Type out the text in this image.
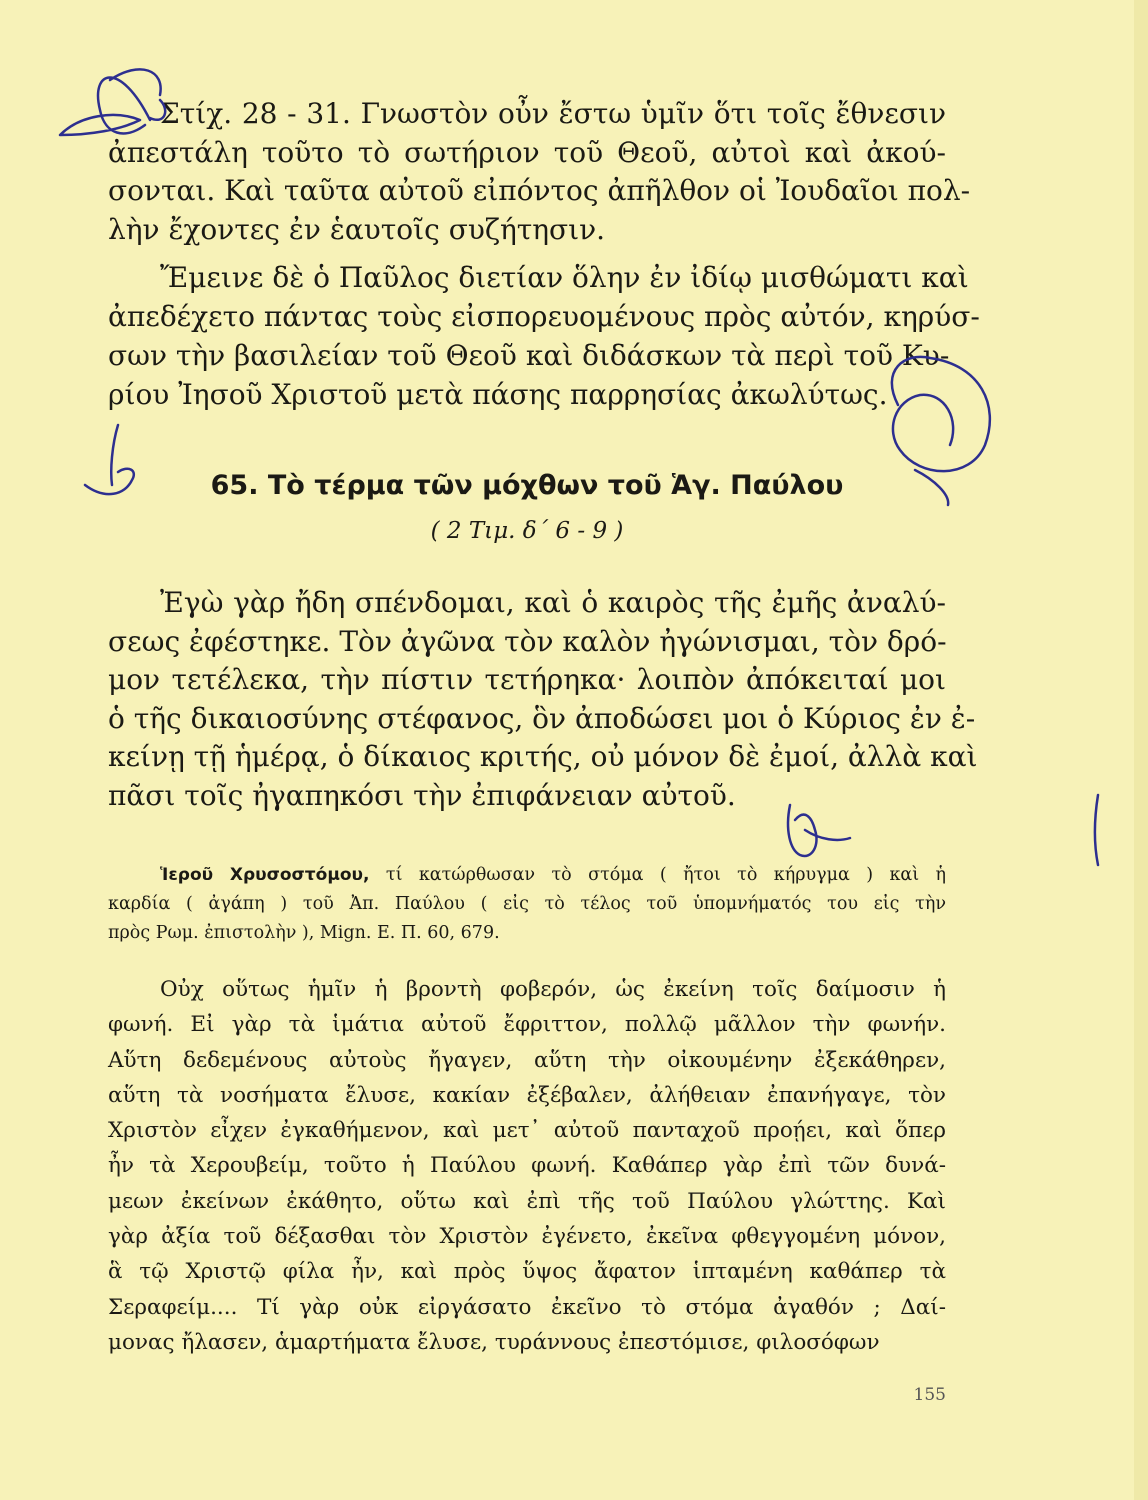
Στίχ. 28 - 31. Γνωστὸν οὖν ἔστω ὑμῖν ὅτι τοῖς ἔθνεσιν
ἀπεστάλη τοῦτο τὸ σωτήριον τοῦ Θεοῦ, αὐτοὶ καὶ ἀκού-
σονται. Καὶ ταῦτα αὐτοῦ εἰπόντος ἀπῆλθον οἱ Ἰουδαῖοι πολ-
λὴν ἔχοντες ἐν ἑαυτοῖς συζήτησιν.
Ἔμεινε δὲ ὁ Παῦλος διετίαν ὅλην ἐν ἰδίῳ μισθώματι καὶ
ἀπεδέχετο πάντας τοὺς εἰσπορευομένους πρὸς αὐτόν, κηρύσ-
σων τὴν βασιλείαν τοῦ Θεοῦ καὶ διδάσκων τὰ περὶ τοῦ Κυ-
ρίου Ἰησοῦ Χριστοῦ μετὰ πάσης παρρησίας ἀκωλύτως.
65. Τὸ τέρμα τῶν μόχθων τοῦ Ἁγ. Παύλου
( 2 Τιμ. δ΄ 6 - 9 )
Ἐγὼ γὰρ ἤδη σπένδομαι, καὶ ὁ καιρὸς τῆς ἐμῆς ἀναλύ-
σεως ἐφέστηκε. Τὸν ἀγῶνα τὸν καλὸν ἠγώνισμαι, τὸν δρό-
μον τετέλεκα, τὴν πίστιν τετήρηκα· λοιπὸν ἀπόκειταί μοι
ὁ τῆς δικαιοσύνης στέφανος, ὃν ἀποδώσει μοι ὁ Κύριος ἐν ἐ-
κείνῃ τῇ ἡμέρᾳ, ὁ δίκαιος κριτής, οὐ μόνον δὲ ἐμοί, ἀλλὰ καὶ
πᾶσι τοῖς ἠγαπηκόσι τὴν ἐπιφάνειαν αὐτοῦ.
Ἱεροῦ Χρυσοστόμου, τί κατώρθωσαν τὸ στόμα ( ἤτοι τὸ κήρυγμα ) καὶ ἡ
καρδία ( ἀγάπη ) τοῦ Ἀπ. Παύλου ( εἰς τὸ τέλος τοῦ ὑπομνήματός του εἰς τὴν
πρὸς Ρωμ. ἐπιστολὴν ), Mign. Ε. Π. 60, 679.
Οὐχ οὕτως ἡμῖν ἡ βροντὴ φοβερόν, ὡς ἐκείνη τοῖς δαίμοσιν ἡ
φωνή. Εἰ γὰρ τὰ ἱμάτια αὐτοῦ ἔφριττον, πολλῷ μᾶλλον τὴν φωνήν.
Αὕτη δεδεμένους αὐτοὺς ἤγαγεν, αὕτη τὴν οἰκουμένην ἐξεκάθηρεν,
αὕτη τὰ νοσήματα ἔλυσε, κακίαν ἐξέβαλεν, ἀλήθειαν ἐπανήγαγε, τὸν
Χριστὸν εἶχεν ἐγκαθήμενον, καὶ μετ᾽ αὐτοῦ πανταχοῦ προῄει, καὶ ὅπερ
ἦν τὰ Χερουβείμ, τοῦτο ἡ Παύλου φωνή. Καθάπερ γὰρ ἐπὶ τῶν δυνά-
μεων ἐκείνων ἐκάθητο, οὕτω καὶ ἐπὶ τῆς τοῦ Παύλου γλώττης. Καὶ
γὰρ ἀξία τοῦ δέξασθαι τὸν Χριστὸν ἐγένετο, ἐκεῖνα φθεγγομένη μόνον,
ἃ τῷ Χριστῷ φίλα ἦν, καὶ πρὸς ὕψος ἄφατον ἱπταμένη καθάπερ τὰ
Σεραφείμ.... Τί γὰρ οὐκ εἰργάσατο ἐκεῖνο τὸ στόμα ἀγαθόν ; Δαί-
μονας ἤλασεν, ἁμαρτήματα ἔλυσε, τυράννους ἐπεστόμισε, φιλοσόφων
155
